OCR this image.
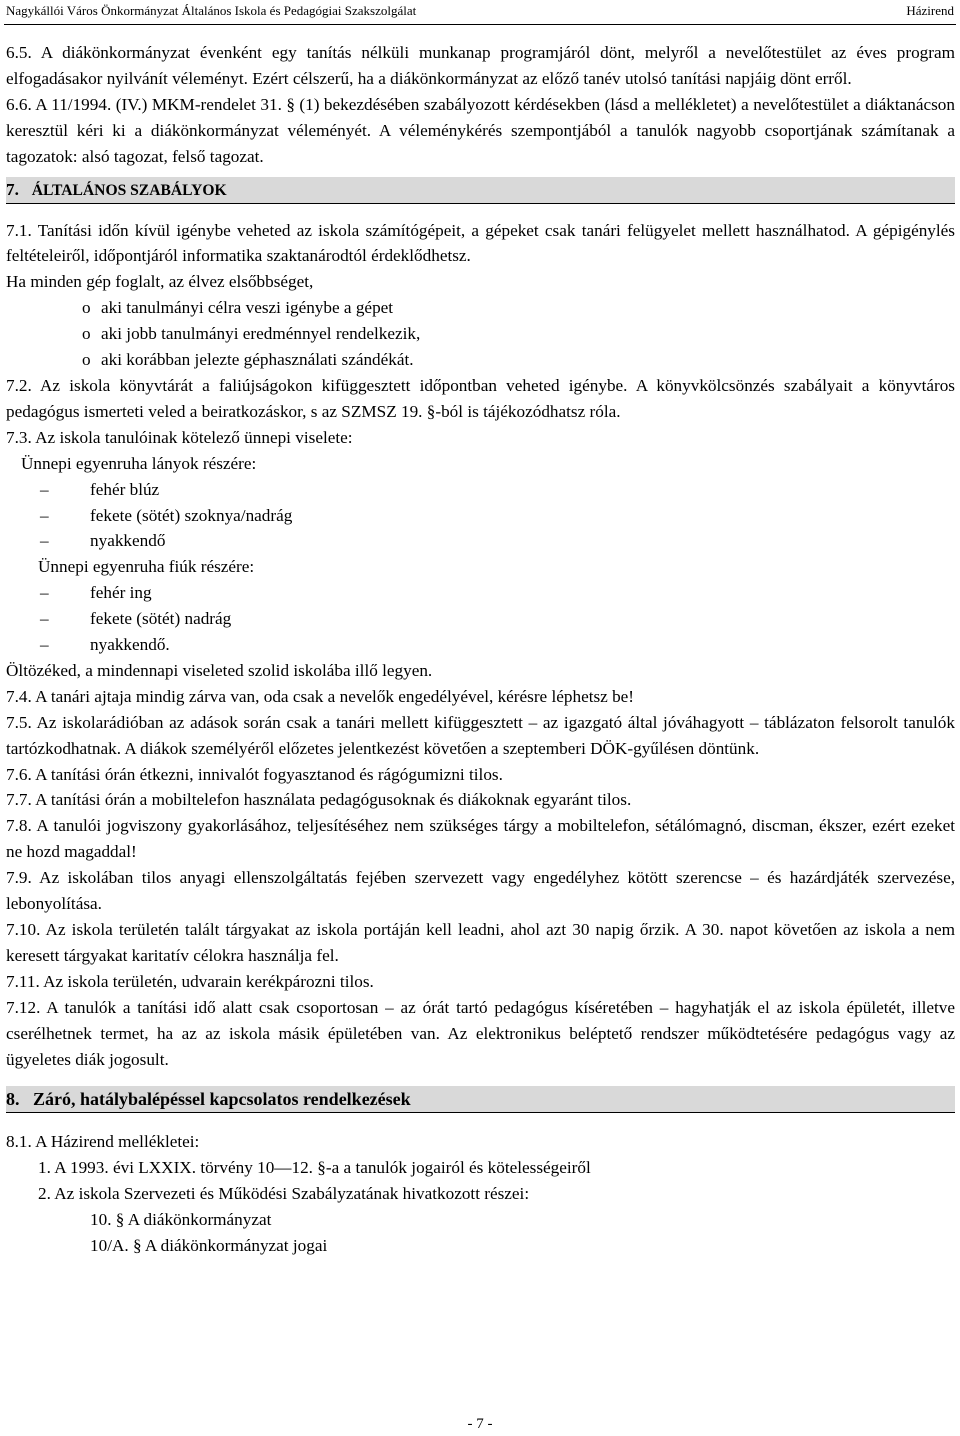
Nagykállói Város Önkormányzat Általános Iskola és Pedagógiai Szakszolgálat	Házirend

6.5. A diákönkormányzat évenként egy tanítás nélküli munkanap programjáról dönt, melyről a nevelőtestület az éves program elfogadásakor nyilvánít véleményt. Ezért célszerű, ha a diákönkormányzat az előző tanév utolsó tanítási napjáig dönt erről.

6.6. A 11/1994. (IV.) MKM-rendelet 31. § (1) bekezdésében szabályozott kérdésekben (lásd a mellékletet) a nevelőtestület a diáktanácson keresztül kéri ki a diákönkormányzat véleményét. A véleménykérés szempontjából a tanulók nagyobb csoportjának számítanak a tagozatok: alsó tagozat, felső tagozat.

7. ÁLTALÁNOS SZABÁLYOK

7.1. Tanítási időn kívül igénybe veheted az iskola számítógépeit, a gépeket csak tanári felügyelet mellett használhatod. A gépigénylés feltételeiről, időpontjáról informatika szaktanárodtól érdeklődhetsz.

Ha minden gép foglalt, az élvez elsőbbséget,

o aki tanulmányi célra veszi igénybe a gépet
o aki jobb tanulmányi eredménnyel rendelkezik,
o aki korábban jelezte géphasználati szándékát.

7.2. Az iskola könyvtárát a faliújságokon kifüggesztett időpontban veheted igénybe. A könyvkölcsönzés szabályait a könyvtáros pedagógus ismerteti veled a beiratkozáskor, s az SZMSZ 19. §-ból is tájékozódhatsz róla.

7.3. Az iskola tanulóinak kötelező ünnepi viselete:

Ünnepi egyenruha lányok részére:
–	fehér blúz
–	fekete (sötét) szoknya/nadrág
–	nyakkendő
Ünnepi egyenruha fiúk részére:
–	fehér ing
–	fekete (sötét) nadrág
–	nyakkendő.

Öltözéked, a mindennapi viseleted szolid iskolába illő legyen.

7.4. A tanári ajtaja mindig zárva van, oda csak a nevelők engedélyével, kérésre léphetsz be!

7.5. Az iskolarádióban az adások során csak a tanári mellett kifüggesztett – az igazgató által jóváhagyott – táblázaton felsorolt tanulók tartózkodhatnak. A diákok személyéről előzetes jelentkezést követően a szeptemberi DÖK-gyűlésen döntünk.

7.6. A tanítási órán étkezni, innivalót fogyasztanod és rágógumizni tilos.

7.7. A tanítási órán a mobiltelefon használata pedagógusoknak és diákoknak egyaránt tilos.

7.8. A tanulói jogviszony gyakorlásához, teljesítéséhez nem szükséges tárgy a mobiltelefon, sétálómagnó, discman, ékszer, ezért ezeket ne hozd magaddal!

7.9. Az iskolában tilos anyagi ellenszolgáltatás fejében szervezett vagy engedélyhez kötött szerencse – és hazárdjáték szervezése, lebonyolítása.

7.10. Az iskola területén talált tárgyakat az iskola portáján kell leadni, ahol azt 30 napig őrzik. A 30. napot követően az iskola a nem keresett tárgyakat karitatív célokra használja fel.

7.11. Az iskola területén, udvarain kerékpározni tilos.

7.12. A tanulók a tanítási idő alatt csak csoportosan – az órát tartó pedagógus kíséretében – hagyhatják el az iskola épületét, illetve cserélhetnek termet, ha az az iskola másik épületében van. Az elektronikus beléptető rendszer működtetésére pedagógus vagy az ügyeletes diák jogosult.

8. Záró, hatálybalépéssel kapcsolatos rendelkezések

8.1. A Házirend mellékletei:

1. A 1993. évi LXXIX. törvény 10—12. §-a a tanulók jogairól és kötelességeiről
2. Az iskola Szervezeti és Működési Szabályzatának hivatkozott részei:
10. § A diákönkormányzat
10/A. § A diákönkormányzat jogai
- 7 -
